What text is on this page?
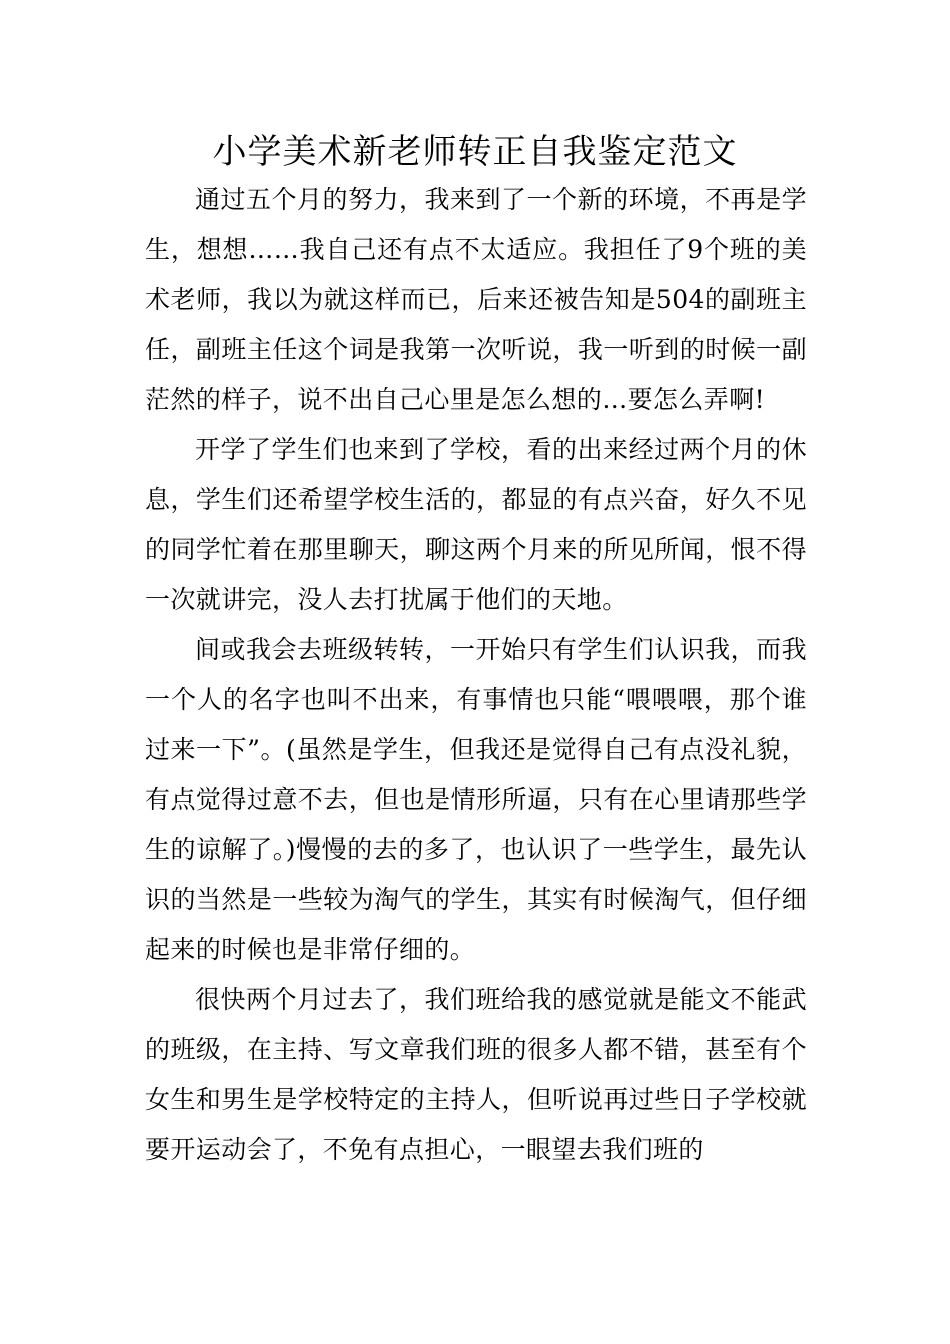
小学美术新老师转正自我鉴定范文

通过五个月的努力，我来到了一个新的环境，不再是学生，想想……我自己还有点不太适应。我担任了9个班的美术老师，我以为就这样而已，后来还被告知是504的副班主任，副班主任这个词是我第一次听说，我一听到的时候一副茫然的样子，说不出自己心里是怎么想的…要怎么弄啊!

开学了学生们也来到了学校，看的出来经过两个月的休息，学生们还希望学校生活的，都显的有点兴奋，好久不见的同学忙着在那里聊天，聊这两个月来的所见所闻，恨不得一次就讲完，没人去打扰属于他们的天地。

间或我会去班级转转，一开始只有学生们认识我，而我一个人的名字也叫不出来，有事情也只能“喂喂喂，那个谁过来一下”。(虽然是学生，但我还是觉得自己有点没礼貌，有点觉得过意不去，但也是情形所逼，只有在心里请那些学生的谅解了。)慢慢的去的多了，也认识了一些学生，最先认识的当然是一些较为淘气的学生，其实有时候淘气，但仔细起来的时候也是非常仔细的。

很快两个月过去了，我们班给我的感觉就是能文不能武的班级，在主持、写文章我们班的很多人都不错，甚至有个女生和男生是学校特定的主持人，但听说再过些日子学校就要开运动会了，不免有点担心，一眼望去我们班的
